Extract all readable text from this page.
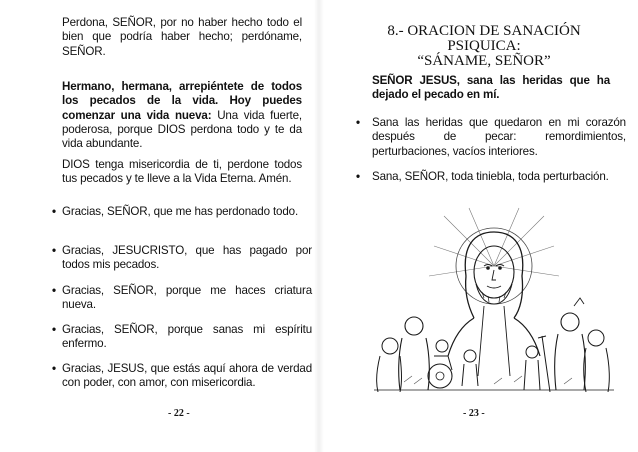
Perdona, SEÑOR, por no haber hecho todo el bien que podría haber hecho; perdóname, SEÑOR.
Hermano, hermana, arrepiéntete de todos los pecados de la vida. Hoy puedes comenzar una vida nueva: Una vida fuerte, poderosa, porque DIOS perdona todo y te da vida abundante.
DIOS tenga misericordia de ti, perdone todos tus pecados y te lleve a la Vida Eterna. Amén.
• Gracias, SEÑOR, que me has perdonado todo.
• Gracias, JESUCRISTO, que has pagado por todos mis pecados.
• Gracias, SEÑOR, porque me haces criatura nueva.
• Gracias, SEÑOR, porque sanas mi espíritu enfermo.
• Gracias, JESUS, que estás aquí ahora de verdad con poder, con amor, con misericordia.
- 22 -
8.- ORACION DE SANACIÓN
PSIQUICA:
“SÁNAME, SEÑOR”
SEÑOR JESUS, sana las heridas que ha dejado el pecado en mí.
• Sana las heridas que quedaron en mi corazón después de pecar: remordimientos, perturbaciones, vacíos interiores.
• Sana, SEÑOR, toda tiniebla, toda perturbación.
- 23 -
